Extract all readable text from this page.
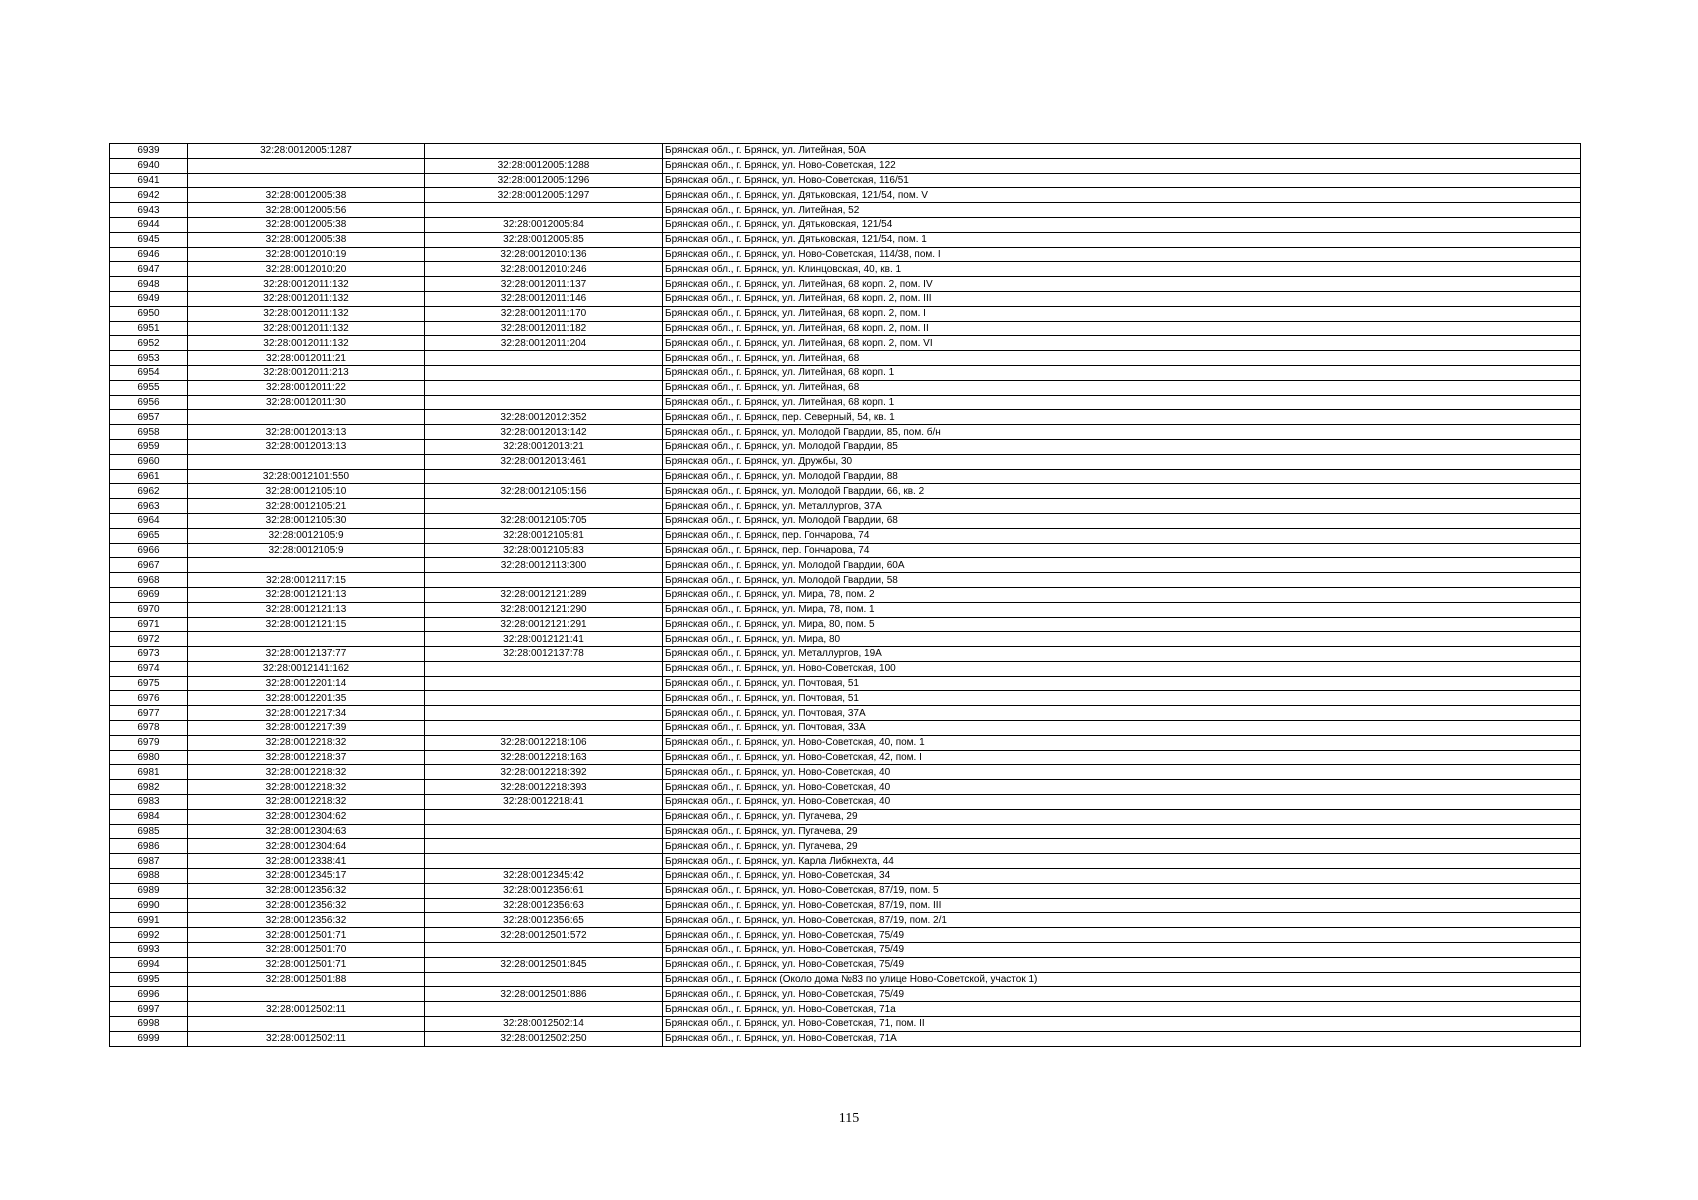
6939	32:28:0012005:1287		Брянская обл., г. Брянск, ул. Литейная, 50А
6940		32:28:0012005:1288	Брянская обл., г. Брянск, ул. Ново-Советская, 122
6941		32:28:0012005:1296	Брянская обл., г. Брянск, ул. Ново-Советская, 116/51
6942	32:28:0012005:38	32:28:0012005:1297	Брянская обл., г. Брянск, ул. Дятьковская, 121/54, пом. V
6943	32:28:0012005:56		Брянская обл., г. Брянск, ул. Литейная, 52
6944	32:28:0012005:38	32:28:0012005:84	Брянская обл., г. Брянск, ул. Дятьковская, 121/54
6945	32:28:0012005:38	32:28:0012005:85	Брянская обл., г. Брянск, ул. Дятьковская, 121/54, пом. 1
6946	32:28:0012010:19	32:28:0012010:136	Брянская обл., г. Брянск, ул. Ново-Советская, 114/38, пом. I
6947	32:28:0012010:20	32:28:0012010:246	Брянская обл., г. Брянск, ул. Клинцовская, 40, кв. 1
6948	32:28:0012011:132	32:28:0012011:137	Брянская обл., г. Брянск, ул. Литейная, 68 корп. 2, пом. IV
6949	32:28:0012011:132	32:28:0012011:146	Брянская обл., г. Брянск, ул. Литейная, 68 корп. 2, пом. III
6950	32:28:0012011:132	32:28:0012011:170	Брянская обл., г. Брянск, ул. Литейная, 68 корп. 2, пом. I
6951	32:28:0012011:132	32:28:0012011:182	Брянская обл., г. Брянск, ул. Литейная, 68 корп. 2, пом. II
6952	32:28:0012011:132	32:28:0012011:204	Брянская обл., г. Брянск, ул. Литейная, 68 корп. 2, пом. VI
6953	32:28:0012011:21		Брянская обл., г. Брянск, ул. Литейная, 68
6954	32:28:0012011:213		Брянская обл., г. Брянск, ул. Литейная, 68 корп. 1
6955	32:28:0012011:22		Брянская обл., г. Брянск, ул. Литейная, 68
6956	32:28:0012011:30		Брянская обл., г. Брянск, ул. Литейная, 68 корп. 1
6957		32:28:0012012:352	Брянская обл., г. Брянск, пер. Северный, 54, кв. 1
6958	32:28:0012013:13	32:28:0012013:142	Брянская обл., г. Брянск, ул. Молодой Гвардии, 85, пом. б/н
6959	32:28:0012013:13	32:28:0012013:21	Брянская обл., г. Брянск, ул. Молодой Гвардии, 85
6960		32:28:0012013:461	Брянская обл., г. Брянск, ул. Дружбы, 30
6961	32:28:0012101:550		Брянская обл., г. Брянск, ул. Молодой Гвардии, 88
6962	32:28:0012105:10	32:28:0012105:156	Брянская обл., г. Брянск, ул. Молодой Гвардии, 66, кв. 2
6963	32:28:0012105:21		Брянская обл., г. Брянск, ул. Металлургов, 37А
6964	32:28:0012105:30	32:28:0012105:705	Брянская обл., г. Брянск, ул. Молодой Гвардии, 68
6965	32:28:0012105:9	32:28:0012105:81	Брянская обл., г. Брянск, пер. Гончарова, 74
6966	32:28:0012105:9	32:28:0012105:83	Брянская обл., г. Брянск, пер. Гончарова, 74
6967		32:28:0012113:300	Брянская обл., г. Брянск, ул. Молодой Гвардии, 60А
6968	32:28:0012117:15		Брянская обл., г. Брянск, ул. Молодой Гвардии, 58
6969	32:28:0012121:13	32:28:0012121:289	Брянская обл., г. Брянск, ул. Мира, 78, пом. 2
6970	32:28:0012121:13	32:28:0012121:290	Брянская обл., г. Брянск, ул. Мира, 78, пом. 1
6971	32:28:0012121:15	32:28:0012121:291	Брянская обл., г. Брянск, ул. Мира, 80, пом. 5
6972		32:28:0012121:41	Брянская обл., г. Брянск, ул. Мира, 80
6973	32:28:0012137:77	32:28:0012137:78	Брянская обл., г. Брянск, ул. Металлургов, 19А
6974	32:28:0012141:162		Брянская обл., г. Брянск, ул. Ново-Советская, 100
6975	32:28:0012201:14		Брянская обл., г. Брянск, ул. Почтовая, 51
6976	32:28:0012201:35		Брянская обл., г. Брянск, ул. Почтовая, 51
6977	32:28:0012217:34		Брянская обл., г. Брянск, ул. Почтовая, 37А
6978	32:28:0012217:39		Брянская обл., г. Брянск, ул. Почтовая, 33А
6979	32:28:0012218:32	32:28:0012218:106	Брянская обл., г. Брянск, ул. Ново-Советская, 40, пом. 1
6980	32:28:0012218:37	32:28:0012218:163	Брянская обл., г. Брянск, ул. Ново-Советская, 42, пом. I
6981	32:28:0012218:32	32:28:0012218:392	Брянская обл., г. Брянск, ул. Ново-Советская, 40
6982	32:28:0012218:32	32:28:0012218:393	Брянская обл., г. Брянск, ул. Ново-Советская, 40
6983	32:28:0012218:32	32:28:0012218:41	Брянская обл., г. Брянск, ул. Ново-Советская, 40
6984	32:28:0012304:62		Брянская обл., г. Брянск, ул. Пугачева, 29
6985	32:28:0012304:63		Брянская обл., г. Брянск, ул. Пугачева, 29
6986	32:28:0012304:64		Брянская обл., г. Брянск, ул. Пугачева, 29
6987	32:28:0012338:41		Брянская обл., г. Брянск, ул. Карла Либкнехта, 44
6988	32:28:0012345:17	32:28:0012345:42	Брянская обл., г. Брянск, ул. Ново-Советская, 34
6989	32:28:0012356:32	32:28:0012356:61	Брянская обл., г. Брянск, ул. Ново-Советская, 87/19, пом. 5
6990	32:28:0012356:32	32:28:0012356:63	Брянская обл., г. Брянск, ул. Ново-Советская, 87/19, пом. III
6991	32:28:0012356:32	32:28:0012356:65	Брянская обл., г. Брянск, ул. Ново-Советская, 87/19, пом. 2/1
6992	32:28:0012501:71	32:28:0012501:572	Брянская обл., г. Брянск, ул. Ново-Советская, 75/49
6993	32:28:0012501:70		Брянская обл., г. Брянск, ул. Ново-Советская, 75/49
6994	32:28:0012501:71	32:28:0012501:845	Брянская обл., г. Брянск, ул. Ново-Советская, 75/49
6995	32:28:0012501:88		Брянская обл., г. Брянск (Около дома №83 по улице Ново-Советской, участок 1)
6996		32:28:0012501:886	Брянская обл., г. Брянск, ул. Ново-Советская, 75/49
6997	32:28:0012502:11		Брянская обл., г. Брянск, ул. Ново-Советская, 71а
6998		32:28:0012502:14	Брянская обл., г. Брянск, ул. Ново-Советская, 71, пом. II
6999	32:28:0012502:11	32:28:0012502:250	Брянская обл., г. Брянск, ул. Ново-Советская, 71А
115
